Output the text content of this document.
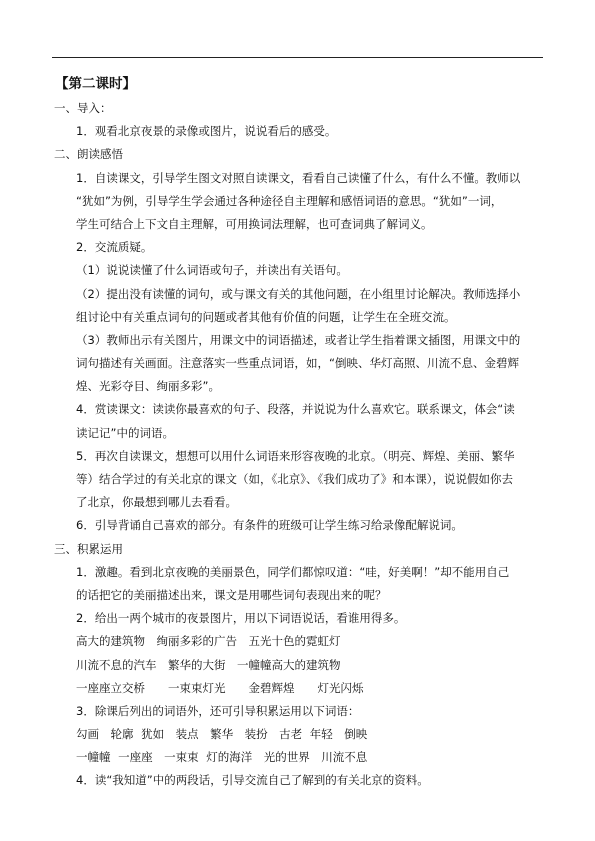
【第二课时】
一、导入：
1．观看北京夜景的录像或图片，说说看后的感受。
二、朗读感悟
1．自读课文，引导学生图文对照自读课文，看看自己读懂了什么，有什么不懂。教师以
“犹如”为例，引导学生学会通过各种途径自主理解和感悟词语的意思。“犹如”一词，
学生可结合上下文自主理解，可用换词法理解，也可查词典了解词义。
2．交流质疑。
（1）说说读懂了什么词语或句子，并读出有关语句。
（2）提出没有读懂的词句，或与课文有关的其他问题，在小组里讨论解决。教师选择小
组讨论中有关重点词句的问题或者其他有价值的问题，让学生在全班交流。
（3）教师出示有关图片，用课文中的词语描述，或者让学生指着课文插图，用课文中的
词句描述有关画面。注意落实一些重点词语，如，“倒映、华灯高照、川流不息、金碧辉
煌、光彩夺目、绚丽多彩”。
4．赏读课文：读读你最喜欢的句子、段落，并说说为什么喜欢它。联系课文，体会“读
读记记”中的词语。
5．再次自读课文，想想可以用什么词语来形容夜晚的北京。（明亮、辉煌、美丽、繁华
等）结合学过的有关北京的课文（如，《北京》、《我们成功了》和本课），说说假如你去
了北京，你最想到哪儿去看看。
6．引导背诵自己喜欢的部分。有条件的班级可让学生练习给录像配解说词。
三、积累运用
1．激趣。看到北京夜晚的美丽景色，同学们都惊叹道：“哇，好美啊！”却不能用自己
的话把它的美丽描述出来，课文是用哪些词句表现出来的呢？
2．给出一两个城市的夜景图片，用以下词语说话，看谁用得多。
高大的建筑物　绚丽多彩的广告　五光十色的霓虹灯
川流不息的汽车　繁华的大街　一幢幢高大的建筑物
一座座立交桥　　一束束灯光　　金碧辉煌　　灯光闪烁
3．除课后列出的词语外，还可引导积累运用以下词语：
勾画　轮廓 犹如　装点　繁华　装扮　古老 年轻　倒映
一幢幢 一座座　一束束 灯的海洋　光的世界　川流不息
4．读“我知道”中的两段话，引导交流自己了解到的有关北京的资料。
